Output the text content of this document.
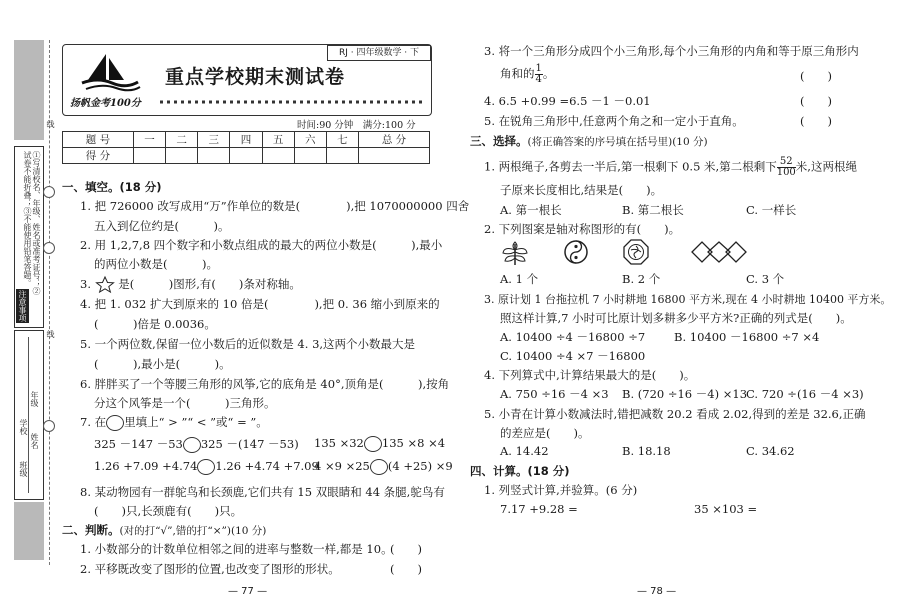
①写清校名、年级、姓名或准考证号；②试卷不能折叠；③不能使用铅笔答题。
注意事项
学校
班级
年级
姓名
线
线
RJ · 四年级数学 · 下
重点学校期末测试卷
扬帆金考100分
时间:90 分钟　满分:100 分
题 号	一	二	三	四	五	六	七	总 分
得 分								
一、填空。(18 分)
1. 把 726000 改写成用“万”作单位的数是(　　　　),把 1070000000 四舍
五入到亿位约是(　　　)。
2. 用 1,2,7,8 四个数字和小数点组成的最大的两位小数是(　　　),最小
的两位小数是(　　　)。
3. 是(　　　)图形,有(　　)条对称轴。
4. 把 1. 032 扩大到原来的 10 倍是(　　　　),把 0. 36 缩小到原来的
(　　　)倍是 0.0036。
5. 一个两位数,保留一位小数后的近似数是 4. 3,这两个小数最大是
(　　　),最小是(　　　)。
6. 胖胖买了一个等腰三角形的风筝,它的底角是 40°,顶角是(　　　),按角
分这个风筝是一个(　　　)三角形。
7. 在 里填上“ > ”“ < ”或“ = ”。
325 －147 －53 325 －(147 －53) 135 ×32 135 ×8 ×4
1.26 +7.09 +4.74 1.26 +4.74 +7.09
4 ×9 ×25 (4 +25) ×9
8. 某动物园有一群鸵鸟和长颈鹿,它们共有 15 双眼睛和 44 条腿,鸵鸟有
(　　)只,长颈鹿有(　　)只。
二、判断。(对的打“√”,错的打“×”)(10 分)
1. 小数部分的计数单位相邻之间的进率与整数一样,都是 10。
(　　)
2. 平移既改变了图形的位置,也改变了图形的形状。	(　　)
— 77 —
3. 将一个三角形分成四个小三角形,每个小三角形的内角和等于原三角形内
角和的 $\frac{1}{4}$ 。	(　　)
4. 6.5 +0.99 =6.5 －1 －0.01	(　　)
5. 在锐角三角形中,任意两个角之和一定小于直角。	(　　)
三、选择。(将正确答案的序号填在括号里)(10 分)
1. 两根绳子,各剪去一半后,第一根剩下 0.5 米,第二根剩下 $\frac{52}{100}$ 米,这两根绳
子原来长度相比,结果是(　　)。
A. 第一根长	B. 第二根长	C. 一样长
2. 下列图案是轴对称图形的有(　　)。
A. 1 个	B. 2 个	C. 3 个
3. 原计划 1 台拖拉机 7 小时耕地 16800 平方米,现在 4 小时耕地 10400 平方米。
照这样计算,7 小时可比原计划多耕多少平方米?正确的列式是(　　)。
A. 10400 ÷4 －16800 ÷7	B. 10400 －16800 ÷7 ×4
C. 10400 ÷4 ×7 －16800
4. 下列算式中,计算结果最大的是(　　)。
A. 750 ÷16 －4 ×3 B. (720 ÷16 －4) ×13
C. 720 ÷(16 －4 ×3)
5. 小青在计算小数减法时,错把减数 20.2 看成 2.02,得到的差是 32.6,正确
的差应是(　　)。
A. 14.42	B. 18.18	C. 34.62
四、计算。(18 分)
1. 列竖式计算,并验算。(6 分)
7.17 +9.28 =	35 ×103 =
— 78 —
